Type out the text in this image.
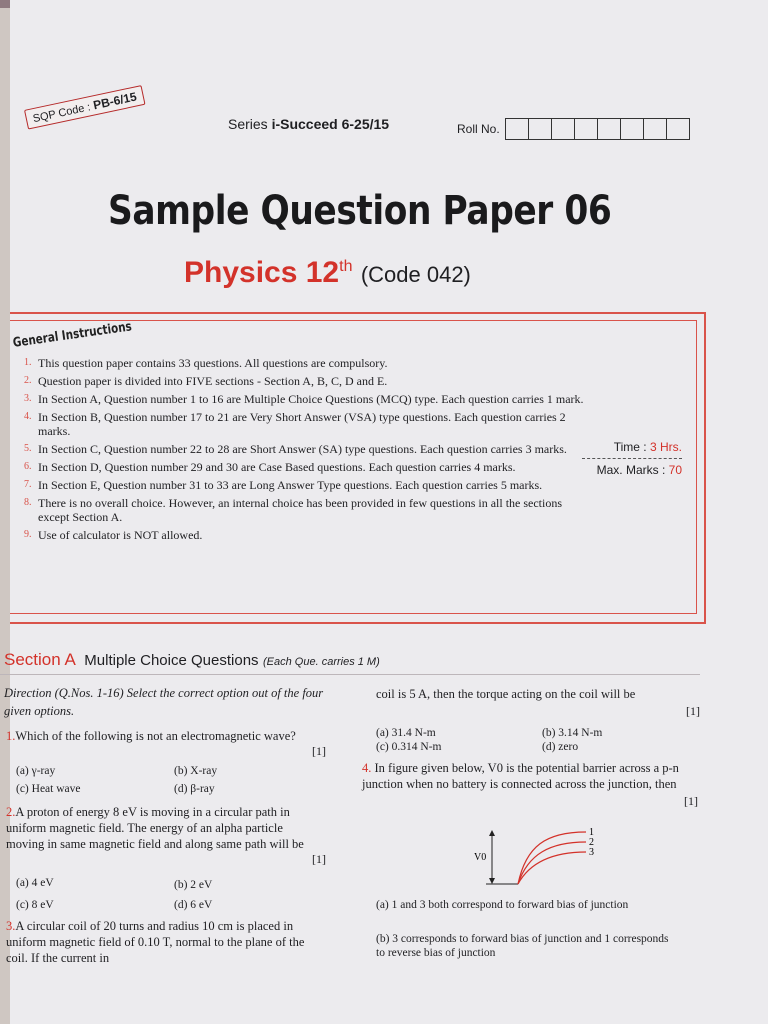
SQP Code : PB-6/15
Series i-Succeed 6-25/15	Roll No.
Sample Question Paper 06
Physics 12th (Code 042)
General Instructions
1. This question paper contains 33 questions. All questions are compulsory.
2. Question paper is divided into FIVE sections - Section A, B, C, D and E.
3. In Section A, Question number 1 to 16 are Multiple Choice Questions (MCQ) type. Each question carries 1 mark.
4. In Section B, Question number 17 to 21 are Very Short Answer (VSA) type questions. Each question carries 2 marks.
5. In Section C, Question number 22 to 28 are Short Answer (SA) type questions. Each question carries 3 marks.
6. In Section D, Question number 29 and 30 are Case Based questions. Each question carries 4 marks.
7. In Section E, Question number 31 to 33 are Long Answer Type questions. Each question carries 5 marks.
8. There is no overall choice. However, an internal choice has been provided in few questions in all the sections except Section A.
9. Use of calculator is NOT allowed.
Time : 3 Hrs.
Max. Marks : 70
Section A Multiple Choice Questions (Each Que. carries 1 M)
Direction (Q.Nos. 1-16) Select the correct option out of the four given options.
1.Which of the following is not an electromagnetic wave?
[1]
(a) γ-ray	(b) X-ray
(c) Heat wave	(d) β-ray
2.A proton of energy 8 eV is moving in a circular path in uniform magnetic field. The energy of an alpha particle moving in same magnetic field and along same path will be
[1]
(a) 4 eV	(b) 2 eV
(c) 8 eV	(d) 6 eV
3.A circular coil of 20 turns and radius 10 cm is placed in uniform magnetic field of 0.10 T, normal to the plane of the coil. If the current in
coil is 5 A, then the torque acting on the coil will be
[1]
(a) 31.4 N-m	(b) 3.14 N-m
(c) 0.314 N-m	(d) zero
4. In figure given below, V0 is the potential barrier across a p-n junction when no battery is connected across the junction, then
[1]
V0
1
2
3
(a) 1 and 3 both correspond to forward bias of junction
(b) 3 corresponds to forward bias of junction and 1 corresponds to reverse bias of junction
